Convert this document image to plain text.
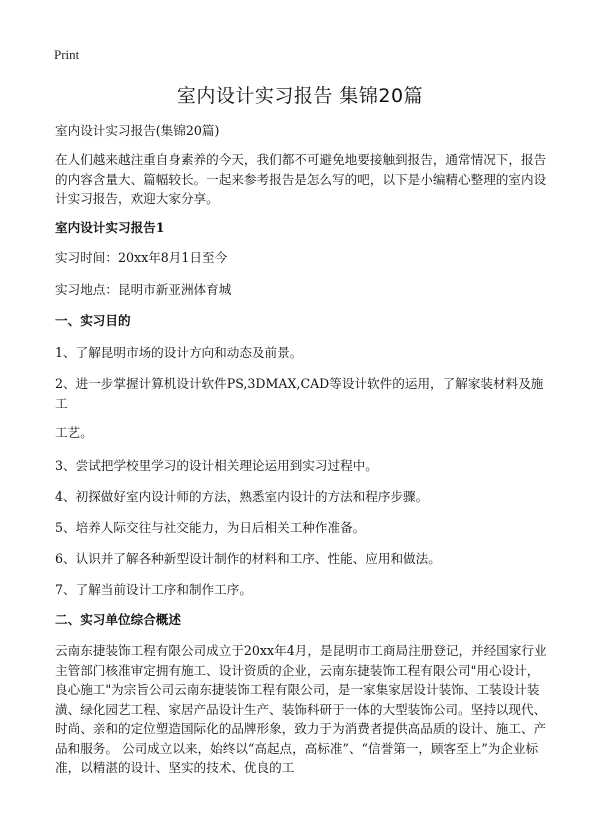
Print
室内设计实习报告 集锦20篇

室内设计实习报告(集锦20篇)

在人们越来越注重自身素养的今天，我们都不可避免地要接触到报告，通常情况下，报告的内容含量大、篇幅较长。一起来参考报告是怎么写的吧，以下是小编精心整理的室内设计实习报告，欢迎大家分享。

室内设计实习报告1

实习时间：20xx年8月1日至今

实习地点：昆明市新亚洲体育城

一、实习目的

1、了解昆明市场的设计方向和动态及前景。

2、进一步掌握计算机设计软件PS,3DMAX,CAD等设计软件的运用，了解家装材料及施工

工艺。

3、尝试把学校里学习的设计相关理论运用到实习过程中。

4、初探做好室内设计师的方法，熟悉室内设计的方法和程序步骤。

5、培养人际交往与社交能力，为日后相关工种作准备。

6、认识并了解各种新型设计制作的材料和工序、性能、应用和做法。

7、了解当前设计工序和制作工序。

二、实习单位综合概述

云南东捷装饰工程有限公司成立于20xx年4月，是昆明市工商局注册登记，并经国家行业主管部门核准审定拥有施工、设计资质的企业，云南东捷装饰工程有限公司"用心设计，良心施工"为宗旨公司云南东捷装饰工程有限公司，是一家集家居设计装饰、工装设计装潢、绿化园艺工程、家居产品设计生产、装饰科研于一体的大型装饰公司。坚持以现代、时尚、亲和的定位塑造国际化的品牌形象，致力于为消费者提供高品质的设计、施工、产品和服务。 公司成立以来，始终以“高起点，高标准”、“信誉第一，顾客至上”为企业标准，以精湛的设计、坚实的技术、优良的工
